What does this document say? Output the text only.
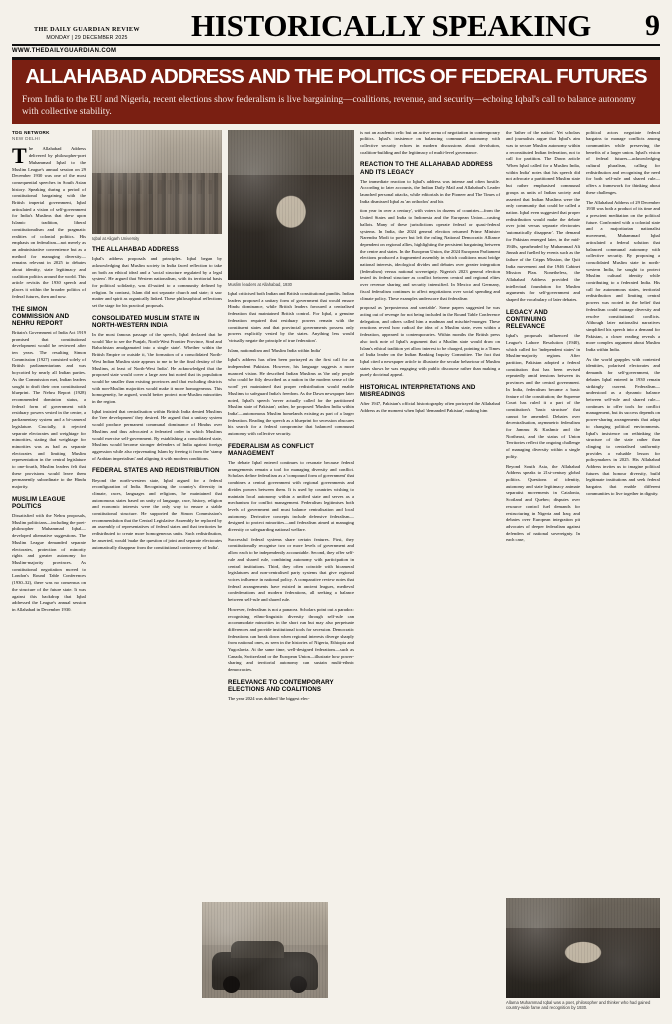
THE DAILY GUARDIAN REVIEW
MONDAY | 29 DECEMBER 2025	HISTORICALLY SPEAKING	9
WWW.THEDAILYGUARDIAN.COM
ALLAHABAD ADDRESS AND THE POLITICS OF FEDERAL FUTURES

From India to the EU and Nigeria, recent elections show federalism is live bargaining—coalitions, revenue, and security—echoing Iqbal's call to balance autonomy with collective stability.

TDG NETWORK
NEW DELHI

The Allahabad Address delivered by philosopher-poet Muhammad Iqbal to the Muslim League's annual session on 29 December 1930 was one of the most consequential speeches in South Asian history. Speaking during a period of constitutional bargaining with the British imperial government, Iqbal articulated a vision of self-government for India's Muslims that drew upon Islamic tradition, liberal constitutionalism and the pragmatic realities of colonial politics. His emphasis on federalism—not merely as an administrative convenience but as a method for managing diversity—remains relevant in 2025 to debates about identity, state legitimacy and coalition politics around the world. This article revisits the 1930 speech and places it within the broader politics of federal futures, then and now.

THE SIMON COMMISSION AND NEHRU REPORT

Britain's Government of India Act 1919 promised that constitutional development would be reviewed after ten years. The resulting Simon Commission (1927) consisted solely of British parliamentarians and was boycotted by nearly all Indian parties. As the Commission met, Indian leaders sought to draft their own constitutional blueprint. The Nehru Report (1928) recommended dominion status, a federal form of government with residuary powers vested in the centre, a parliamentary system and a bi-cameral legislature. Crucially, it rejected separate electorates and weightage for minorities, stating that weightage for minorities was as bad as separate electorates and limiting Muslim representation in the central legislature to one-fourth, Muslim leaders felt that these provisions would leave them permanently subordinate to the Hindu majority.

MUSLIM LEAGUE POLITICS

Dissatisfied with the Nehru proposals, Muslim politicians—including the poet-philosopher Muhammad Iqbal—developed alternative suggestions. The Muslim League demanded separate electorates, protection of minority rights and greater autonomy for Muslim-majority provinces. As constitutional negotiation moved to London's Round Table Conferences (1930–32), there was no consensus on the structure of the future state. It was against this backdrop that Iqbal addressed the League's annual session in Allahabad in December 1930.

Iqbal at Aligarh University
THE ALLAHABAD ADDRESS

Iqbal's address proposals and principles. Iqbal began by acknowledging that Muslim society in India faced reflection to take on both an ethical ideal and a 'social structure regulated by a legal system'. He argued that Western nationalism, with its territorial basis for political solidarity, was ill-suited to a community defined by religion. In contrast, Islam did not separate church and state; it saw matter and spirit as organically linked. These philosophical reflections set the stage for his practical proposals.

CONSOLIDATED MUSLIM STATE IN NORTH-WESTERN INDIA

In the most famous passage of the speech, Iqbal declared that he would 'like to see the Punjab, North-West Frontier Province, Sind and Baluchistan amalgamated into a single state'. Whether within the British Empire or outside it, 'the formation of a consolidated North-West Indian Muslim state appears to me to be the final destiny of the Muslims, at least of North-West India'. He acknowledged that the proposed state would cover a large area but noted that its population would be smaller than existing provinces and that excluding districts with non-Muslim majorities would make it more homogeneous. This homogeneity, he argued, would better protect non-Muslim minorities in the region.

Iqbal insisted that centralisation within British India denied Muslims the 'free development' they desired. He argued that a unitary system would produce permanent communal dominance of Hindus over Muslims and thus advocated a federated order in which Muslims would exercise self-government. By establishing a consolidated state, Muslims would become stronger defenders of India against foreign aggression while also rejuvenating Islam by freeing it from the 'stamp of Arabian imperialism' and aligning it with modern conditions.

FEDERAL STATES AND REDISTRIBUTION

Beyond the north-western state, Iqbal argued for a federal reconfiguration of India. Recognising the country's diversity in climate, races, languages and religions, he maintained that autonomous states based on unity of language, race, history, religion and economic interests were the only way to ensure a stable constitutional structure. He supported the Simon Commission's recommendation that the Central Legislative Assembly be replaced by an assembly of representatives of federal states and that territories be redistributed to create more homogeneous units. Such redistribution, he asserted, would 'make the question of joint and separate electorates automatically disappear from the constitutional controversy of India'.

Muslim leaders at Allahabad, 1930

Iqbal criticised both Indian and British constitutional pundits. Indian leaders proposed a unitary form of government that would ensure Hindu dominance, while British leaders favoured a centralised federation that maintained British control. For Iqbal, a genuine federation required that residuary powers remain with the constituent states and that provincial governments possess only powers explicitly vested by the states. Anything less would 'virtually negate the principle of true federation'.

Islam, nationalism and 'Muslim India within India'

Iqbal's address has often been portrayed as the first call for an independent Pakistan. However, his language suggests a more nuanced vision. He described Indian Muslims as 'the only people who could be fitly described as a nation in the modern sense of the word' yet maintained that proper redistribution would enable Muslims to safeguard India's freedom. As the Dawn newspaper later noted, Iqbal's speech 'never actually called for the partitioned Muslim state of Pakistan'; rather, he proposed 'Muslim India within India'—autonomous Muslim homelands existing as part of a larger federation. Reading the speech as a blueprint for secession obscures his search for a federal compromise that balanced communal autonomy with collective security.

FEDERALISM AS CONFLICT MANAGEMENT

The debate Iqbal entered continues to resonate because federal arrangements remain a tool for managing diversity and conflict. Scholars define federalism as a 'compound form of government' that combines a central government with regional governments and divides powers between them. It is used by countries wishing to maintain local autonomy within a unified state and serves as a mechanism for conflict management. Federalism legitimises both levels of government and must balance centralisation and local autonomy. Derivative concepts include defensive federalism—designed to protect minorities—and federalism aimed at managing diversity or safeguarding national welfare.

Successful federal systems share certain features. First, they constitutionally recognise two or more levels of government and allow each to be independently accountable. Second, they offer self-rule and shared rule, combining autonomy with participation in central institutions. Third, they often coincide with bicameral legislatures and non-centralised party systems that give regional voices influence in national policy. A comparative review notes that federal arrangements have existed in ancient leagues, medieval confederations and modern federations, all seeking a balance between self-rule and shared rule.

However, federalism is not a panacea. Scholars point out a paradox: recognising ethno-linguistic diversity through self-rule can accommodate minorities in the short run but may also perpetuate differences and provide institutional tools for secession. Democratic federations can break down when regional interests diverge sharply from national ones, as seen in the histories of Nigeria, Ethiopia and Yugoslavia. At the same time, well-designed federations—such as Canada, Switzerland or the European Union—illustrate how power-sharing and territorial autonomy can sustain multi-ethnic democracies.

RELEVANCE TO CONTEMPORARY ELECTIONS AND COALITIONS

The year 2024 was dubbed 'the biggest elec-

is not an academic relic but an active arena of negotiation in contemporary politics. Iqbal's insistence on balancing communal autonomy with collective security echoes in modern discussions about devolution, coalition-building and the legitimacy of multi-level governance.

REACTION TO THE ALLAHABAD ADDRESS AND ITS LEGACY

The immediate reaction to Iqbal's address was intense and often hostile. According to later accounts, the Indian Daily Mail and Allahabad's Leader launched personal attacks, while editorials in the Pioneer and The Times of India dismissed Iqbal as 'an orthodox' and his

tion year in over a century', with voters in dozens of countries—from the United States and India to Indonesia and the European Union—casting ballots. Many of these jurisdictions operate federal or quasi-federal systems. In India, the 2024 general election returned Prime Minister Narendra Modi to power but left the ruling National Democratic Alliance dependent on regional allies, highlighting the persistent bargaining between the centre and states. In the European Union, the 2024 European Parliament elections produced a fragmented assembly in which coalitions must bridge national interests, ideological divides and debates over greater integration (federalism) versus national sovereignty. Nigeria's 2023 general election tested its federal structure as conflict between central and regional elites over revenue sharing and security intensified. In Mexico and Germany, fiscal federalism continues to affect negotiations over social spending and climate policy. These examples underscore that federalism

proposal as 'preposterous and unviable'. Some papers suggested he was acting out of revenge for not being included in the Round Table Conference delegation, and others called him a madman and mischief-monger. These reactions reveal how radical the idea of a Muslim state, even within a federation, appeared to contemporaries. Within months the British press also took note of Iqbal's argument that a Muslim state would draw on Islam's ethical tradition yet allow interest to be charged, pointing to a Times of India leader on the Indian Banking Inquiry Committee. The fact that Iqbal cited a newspaper article to illustrate the secular behaviour of Muslim states shows he was engaging with public discourse rather than making a purely doctrinal appeal.

HISTORICAL INTERPRETATIONS AND MISREADINGS

After 1947, Pakistan's official historiography often portrayed the Allahabad Address as the moment when Iqbal 'demanded Pakistan', making him

the 'father of the nation'. Yet scholars and journalists argue that Iqbal's aim was to secure Muslim autonomy within a reconstituted Indian federation, not to call for partition. The Dawn article 'When Iqbal called for a Muslim India, within India' notes that his speech did not advocate a partitioned Muslim state but rather emphasised communal groups as units of Indian society and asserted that Indian Muslims were the only community that could be called a nation. Iqbal even suggested that proper redistribution would make the debate over joint versus separate electorates 'automatically disappear'. The demand for Pakistan emerged later, in the mid-1940s, spearheaded by Muhammad Ali Jinnah and fuelled by events such as the failure of the Cripps Mission, the Quit India movement and the 1946 Cabinet Mission Plan. Nonetheless, the Allahabad Address provided the intellectual foundation for Muslim arguments for self-government and shaped the vocabulary of later debates.

LEGACY AND CONTINUING RELEVANCE

Iqbal's proposals influenced the League's Lahore Resolution (1940), which called for 'independent states' in Muslim-majority regions. After partition, Pakistan adopted a federal constitution that has been revised repeatedly amid tensions between its provinces and the central government. In India, federalism became a basic feature of the constitution; the Supreme Court has ruled it a part of the constitution's 'basic structure' that cannot be amended. Debates over decentralisation, asymmetric federalism for Jammu & Kashmir and the Northeast, and the status of Union Territories reflect the ongoing challenge of managing diversity within a single polity.

Beyond South Asia, the Allahabad Address speaks to 21st-century global politics. Questions of identity, autonomy and state legitimacy animate separatist movements in Catalonia, Scotland and Quebec; disputes over resource control fuel demands for restructuring in Nigeria and Iraq; and debates over European integration pit advocates of deeper federalism against defenders of national sovereignty. In each case,

political actors negotiate federal bargains to manage conflicts among communities while preserving the benefits of a larger union. Iqbal's vision of federal futures—acknowledging cultural pluralism, calling for redistribution and recognising the need for both self-rule and shared rule—offers a framework for thinking about these challenges.

The Allahabad Address of 29 December 1930 was both a product of its time and a prescient meditation on the political future. Confronted with a colonial state and a majoritarian nationalist movement, Muhammad Iqbal articulated a federal solution that balanced communal autonomy with collective security. By proposing a consolidated Muslim state in north-western India, he sought to protect Muslim cultural identity while contributing to a federated India. His call for autonomous states, territorial redistribution and limiting central powers was rooted in the belief that federalism could manage diversity and resolve constitutional conflicts. Although later nationalist narratives simplified his speech into a demand for Pakistan, a closer reading reveals a more complex argument about Muslim India within India.

As the world grapples with contested identities, polarised electorates and demands for self-government, the debates Iqbal entered in 1930 remain strikingly current. Federalism—understood as a dynamic balance between self-rule and shared rule—continues to offer tools for conflict management, but its success depends on power-sharing arrangements that adapt to changing political environments. Iqbal's insistence on rethinking the structure of the state rather than clinging to centralised uniformity provides a valuable lesson for policymakers in 2025. His Allahabad Address invites us to imagine political futures that honour diversity, build legitimate institutions and seek federal bargains that enable different communities to live together in dignity.

Allama Muhammad Iqbal was a poet, philosopher and thinker who had gained country-wide fame and recognition by 1930.
